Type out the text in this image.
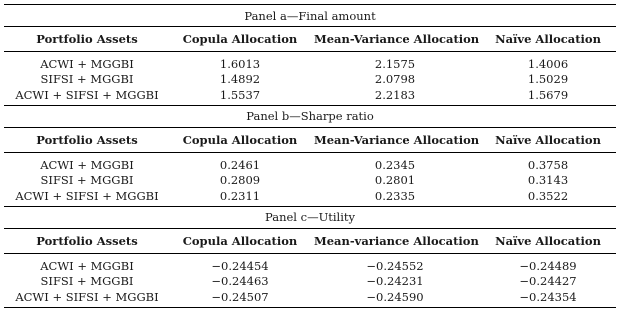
Panel a—Final amount			
Portfolio Assets	Copula Allocation	Mean-Variance Allocation	Naïve Allocation
ACWI + MGGBI	1.6013	2.1575	1.4006
SIFSI + MGGBI	1.4892	2.0798	1.5029
ACWI + SIFSI + MGGBI	1.5537	2.2183	1.5679
Panel b—Sharpe ratio			
Portfolio Assets	Copula Allocation	Mean-Variance Allocation	Naïve Allocation
ACWI + MGGBI	0.2461	0.2345	0.3758
SIFSI + MGGBI	0.2809	0.2801	0.3143
ACWI + SIFSI + MGGBI	0.2311	0.2335	0.3522
Panel c—Utility			
Portfolio Assets	Copula Allocation	Mean-variance Allocation	Naïve Allocation
ACWI + MGGBI	−0.24454	−0.24552	−0.24489
SIFSI + MGGBI	−0.24463	−0.24231	−0.24427
ACWI + SIFSI + MGGBI	−0.24507	−0.24590	−0.24354
